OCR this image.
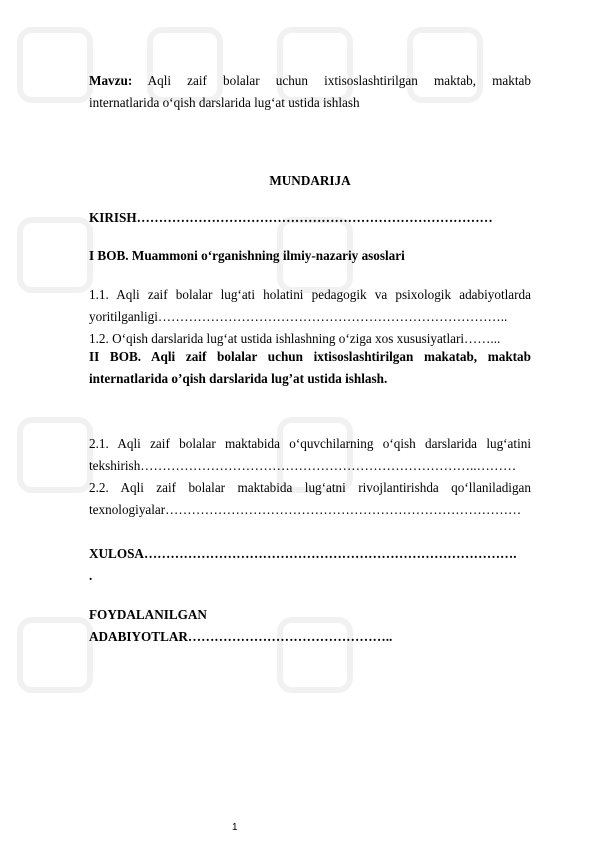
Mavzu: Aqli zaif bolalar uchun ixtisoslashtirilgan maktab, maktab

internatlarida o‘qish darslarida lug‘at ustida ishlash

MUNDARIJA

KIRISH………………………………………………………………………

I BOB. Muammoni o‘rganishning ilmiy-nazariy asoslari

1.1. Aqli zaif bolalar lug‘ati holatini pedagogik va psixologik adabiyotlarda

yoritilganligi……………………………………………………………………..

1.2. O‘qish darslarida lug‘at ustida ishlashning o‘ziga xos xususiyatlari……...

II BOB. Aqli zaif bolalar uchun ixtisoslashtirilgan makatab, maktab

internatlarida o’qish darslarida lug’at ustida ishlash.

2.1. Aqli zaif bolalar maktabida o‘quvchilarning o‘qish darslarida lug‘atini

tekshirish…………………………………………………………………..………

2.2. Aqli zaif bolalar maktabida lug‘atni rivojlantirishda qo‘llaniladigan

texnologiyalar………………………………………………………………………

XULOSA………………………………………………………………………….

.

FOYDALANILGAN

ADABIYOTLAR………………………………………..

1
